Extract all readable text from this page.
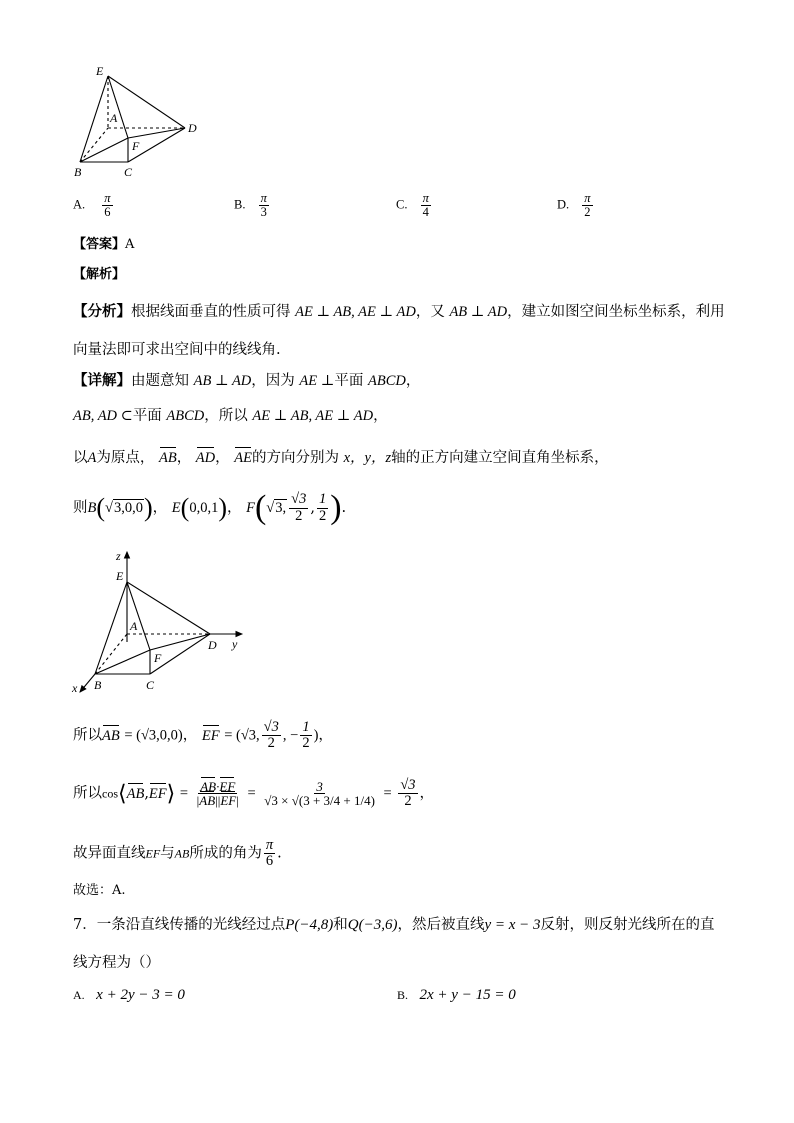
E
A
D
F
B	C
A. $\frac{\pi}{6}$	B. $\frac{\pi}{3}$	C. $\frac{\pi}{4}$	D. $\frac{\pi}{2}$
【答案】A
【解析】
【分析】根据线面垂直的性质可得 AE ⊥ AB, AE ⊥ AD，又 AB ⊥ AD，建立如图空间坐标坐标系，利用
向量法即可求出空间中的线线角.
【详解】由题意知 AB ⊥ AD，因为 AE ⊥平面 ABCD，
AB, AD ⊂平面 ABCD，所以 AE ⊥ AB, AE ⊥ AD，
以A为原点， AB， AD， AE的方向分别为 x，y，z轴的正方向建立空间直角坐标系，
则B(√3,0,0)， E(0,0,1)， F(√3, $\frac{√3}{2}$ , $\frac{1}{2}$ ).
z
E
A
D y
F
x B	C
所以AB = (√3,0,0)， EF = (√3, $\frac{√3}{2}$ , − $\frac{1}{2}$ )，
所以cos⟨AB,EF⟩ = $\frac{AB\cdot EF}{|AB||EF|} = \frac{3}{√3 \times √(3 + 3/4 + 1/4)} = \frac{√3}{2}$ ，
故异面直线EF与AB所成的角为 $\frac{\pi}{6}$ .
故选：A.
7．一条沿直线传播的光线经过点P(−4,8)和Q(−3,6)，然后被直线y = x − 3反射，则反射光线所在的直
线方程为（）
A. x + 2y − 3 = 0	B. 2x + y − 15 = 0
